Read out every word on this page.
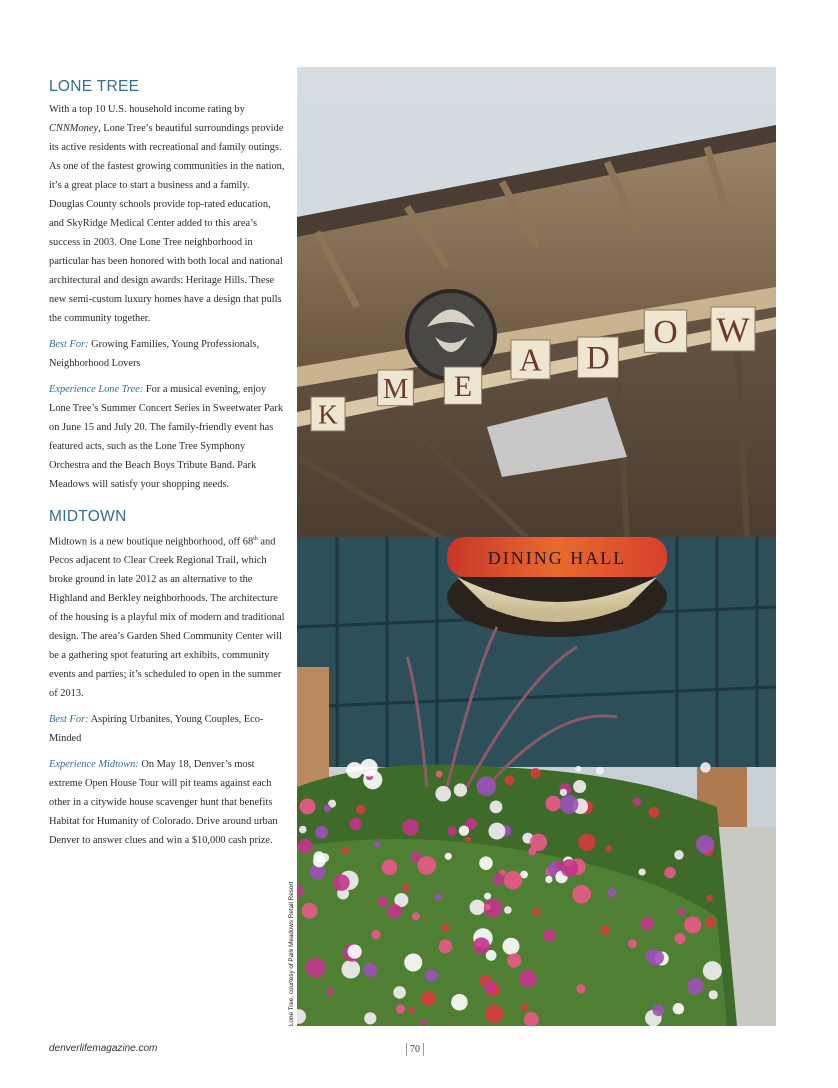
LONE TREE

With a top 10 U.S. household income rating by CNNMoney, Lone Tree’s beautiful surroundings provide its active residents with recreational and family outings. As one of the fastest growing communities in the nation, it’s a great place to start a business and a family. Douglas County schools provide top-rated education, and SkyRidge Medical Center added to this area’s success in 2003. One Lone Tree neighborhood in particular has been honored with both local and national architectural and design awards: Heritage Hills. These new semi-custom luxury homes have a design that pulls the community together.

Best For: Growing Families, Young Professionals, Neighborhood Lovers

Experience Lone Tree: For a musical evening, enjoy Lone Tree’s Summer Concert Series in Sweetwater Park on June 15 and July 20. The family-friendly event has featured acts, such as the Lone Tree Symphony Orchestra and the Beach Boys Tribute Band. Park Meadows will satisfy your shopping needs.

MIDTOWN

Midtown is a new boutique neighborhood, off 68th and Pecos adjacent to Clear Creek Regional Trail, which broke ground in late 2012 as an alternative to the Highland and Berkley neighborhoods. The architecture of the housing is a playful mix of modern and traditional design. The area’s Garden Shed Community Center will be a gathering spot featuring art exhibits, community events and parties; it’s scheduled to open in the summer of 2013.

Best For: Aspiring Urbanites, Young Couples, Eco-Minded

Experience Midtown: On May 18, Denver’s most extreme Open House Tour will pit teams against each other in a citywide house scavenger hunt that benefits Habitat for Humanity of Colorado. Drive around urban Denver to answer clues and win a $10,000 cash prize.

Lone Tree, courtesy of Park Meadows Retail Resort
DINING HALL
K
M E
A D
O W
denverlifemagazine.com	70
